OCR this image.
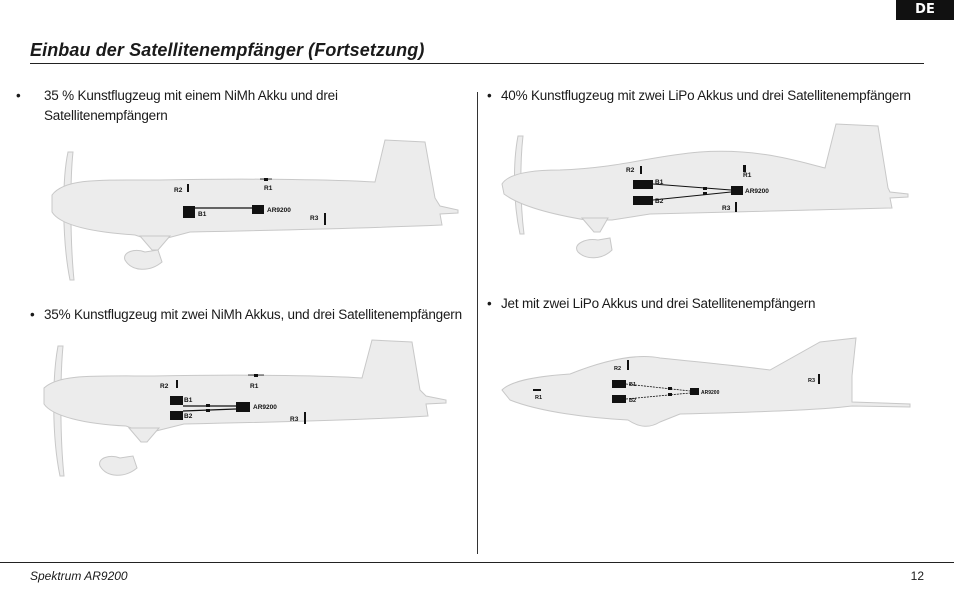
DE
Einbau der Satellitenempfänger (Fortsetzung)
• 35 % Kunstflugzeug mit einem NiMh Akku und drei Satellitenempfängern
B1
AR9200
R1
R2
R3
• 35% Kunstflugzeug mit zwei NiMh Akkus, und drei Satellitenempfängern
B1
B2
AR9200
R1
R2
R3
• 40% Kunstflugzeug mit zwei LiPo Akkus und drei Satellitenempfängern
B1
B2
AR9200
R1
R2
R3
• Jet mit zwei LiPo Akkus und drei Satellitenempfängern
R1
R2
R3
B1
B2
AR9200
Spektrum AR9200	12
